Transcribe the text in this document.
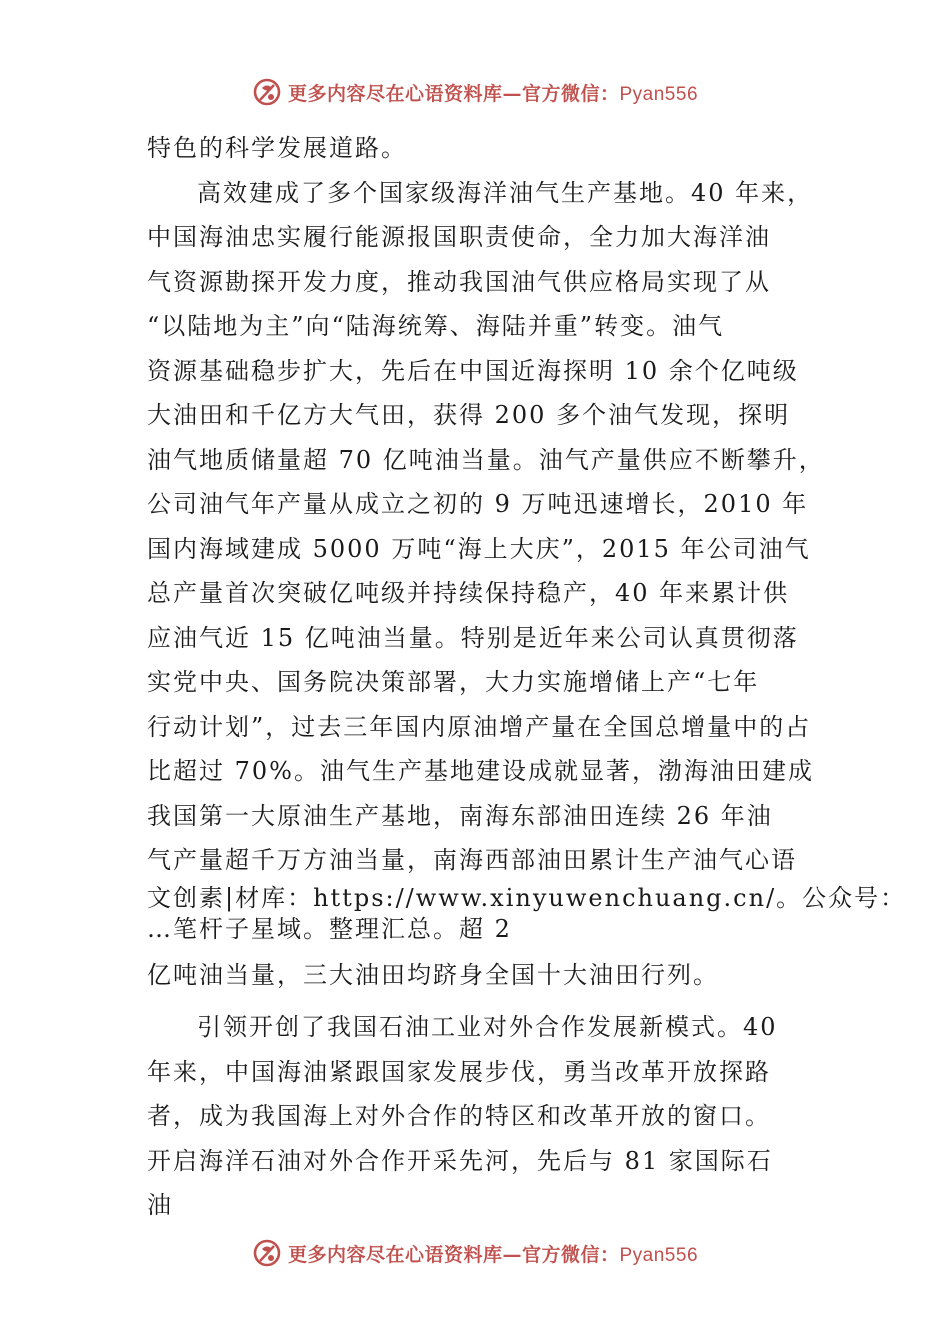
更多内容尽在心语资料库—官方微信：Pyan556
特色的科学发展道路。
高效建成了多个国家级海洋油气生产基地。40 年来，
中国海油忠实履行能源报国职责使命，全力加大海洋油
气资源勘探开发力度，推动我国油气供应格局实现了从
“以陆地为主”向“陆海统筹、海陆并重”转变。油气
资源基础稳步扩大，先后在中国近海探明 10 余个亿吨级
大油田和千亿方大气田，获得 200 多个油气发现，探明
油气地质储量超 70 亿吨油当量。油气产量供应不断攀升，
公司油气年产量从成立之初的 9 万吨迅速增长，2010 年
国内海域建成 5000 万吨“海上大庆”，2015 年公司油气
总产量首次突破亿吨级并持续保持稳产，40 年来累计供
应油气近 15 亿吨油当量。特别是近年来公司认真贯彻落
实党中央、国务院决策部署，大力实施增储上产“七年
行动计划”，过去三年国内原油增产量在全国总增量中的占
比超过 70%。油气生产基地建设成就显著，渤海油田建成
我国第一大原油生产基地，南海东部油田连续 26 年油
气产量超千万方油当量，南海西部油田累计生产油气心语
文创素|材库：https://www.xinyuwenchuang.cn/。公众号：
…笔杆子星域。整理汇总。超 2
亿吨油当量，三大油田均跻身全国十大油田行列。
引领开创了我国石油工业对外合作发展新模式。40
年来，中国海油紧跟国家发展步伐，勇当改革开放探路
者，成为我国海上对外合作的特区和改革开放的窗口。
开启海洋石油对外合作开采先河，先后与 81 家国际石
油
更多内容尽在心语资料库—官方微信：Pyan556
